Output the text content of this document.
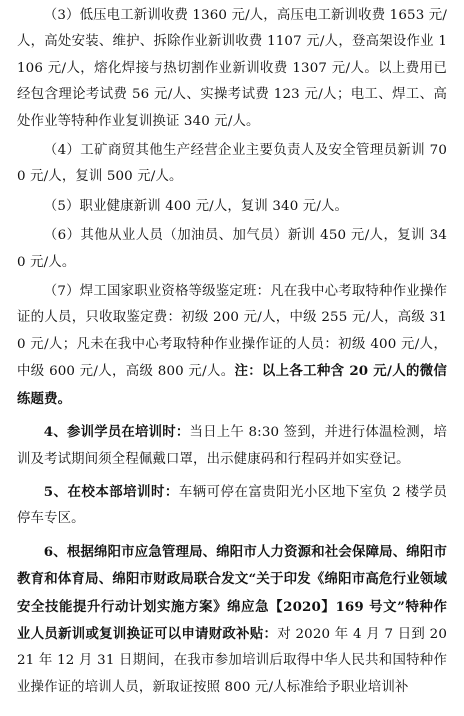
（3）低压电工新训收费 1360 元/人，高压电工新训收费 1653 元/人，高处安装、维护、拆除作业新训收费 1107 元/人，登高架设作业 1106 元/人，熔化焊接与热切割作业新训收费 1307 元/人。以上费用已经包含理论考试费 56 元/人、实操考试费 123 元/人；电工、焊工、高处作业等特种作业复训换证 340 元/人。

（4）工矿商贸其他生产经营企业主要负责人及安全管理员新训 700 元/人，复训 500 元/人。

（5）职业健康新训 400 元/人，复训 340 元/人。

（6）其他从业人员（加油员、加气员）新训 450 元/人，复训 340 元/人。

（7）焊工国家职业资格等级鉴定班：凡在我中心考取特种作业操作证的人员，只收取鉴定费：初级 200 元/人，中级 255 元/人，高级 310 元/人；凡未在我中心考取特种作业操作证的人员：初级 400 元/人，中级 600 元/人，高级 800 元/人。注：以上各工种含 20 元/人的微信练题费。

4、参训学员在培训时：当日上午 8:30 签到，并进行体温检测，培训及考试期间须全程佩戴口罩，出示健康码和行程码并如实登记。

5、在校本部培训时：车辆可停在富贵阳光小区地下室负 2 楼学员停车专区。

6、根据绵阳市应急管理局、绵阳市人力资源和社会保障局、绵阳市教育和体育局、绵阳市财政局联合发文“关于印发《绵阳市高危行业领域安全技能提升行动计划实施方案》绵应急【2020】169 号文”特种作业人员新训或复训换证可以申请财政补贴：对 2020 年 4 月 7 日到 2021 年 12 月 31 日期间，在我市参加培训后取得中华人民共和国特种作业操作证的培训人员，新取证按照 800 元/人标准给予职业培训补
